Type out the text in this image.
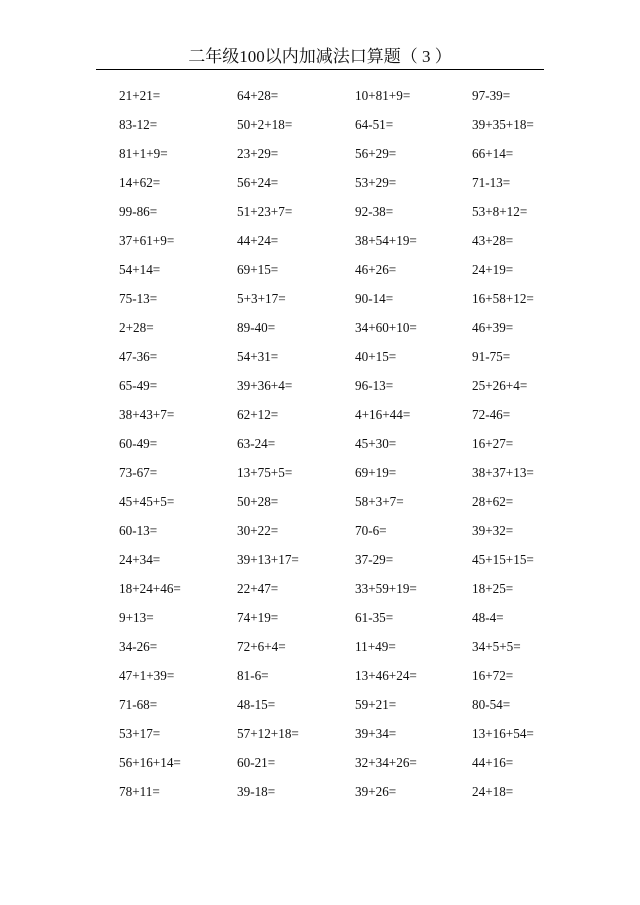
二年级100以内加减法口算题（ 3 ）
21+21=	64+28=	10+81+9=	97-39=
83-12=	50+2+18=	64-51=	39+35+18=
81+1+9=	23+29=	56+29=	66+14=
14+62=	56+24=	53+29=	71-13=
99-86=	51+23+7=	92-38=	53+8+12=
37+61+9=	44+24=	38+54+19=	43+28=
54+14=	69+15=	46+26=	24+19=
75-13=	5+3+17=	90-14=	16+58+12=
2+28=	89-40=	34+60+10=	46+39=
47-36=	54+31=	40+15=	91-75=
65-49=	39+36+4=	96-13=	25+26+4=
38+43+7=	62+12=	4+16+44=	72-46=
60-49=	63-24=	45+30=	16+27=
73-67=	13+75+5=	69+19=	38+37+13=
45+45+5=	50+28=	58+3+7=	28+62=
60-13=	30+22=	70-6=	39+32=
24+34=	39+13+17=	37-29=	45+15+15=
18+24+46=	22+47=	33+59+19=	18+25=
9+13=	74+19=	61-35=	48-4=
34-26=	72+6+4=	11+49=	34+5+5=
47+1+39=	81-6=	13+46+24=	16+72=
71-68=	48-15=	59+21=	80-54=
53+17=	57+12+18=	39+34=	13+16+54=
56+16+14=	60-21=	32+34+26=	44+16=
78+11=	39-18=	39+26=	24+18=
